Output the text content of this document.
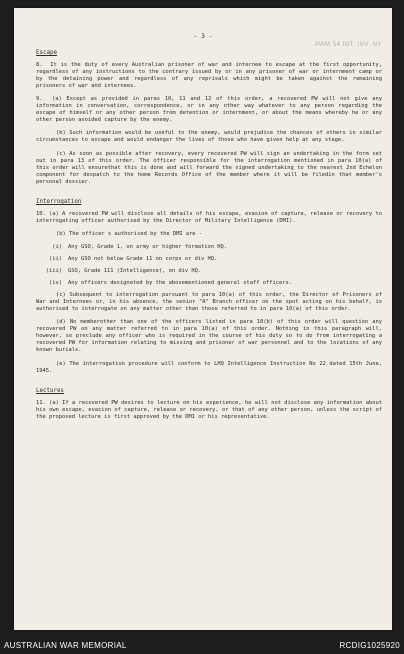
- 3 -
AWM 54 INT. INV. NY
Escape

8.  It is the duty of every Australian prisoner of war and internee to escape at the first opportunity, regardless of any instructions to the contrary issued by or in any prisoner of war or internment camp or by the detaining power and regardless of any reprisals which might be taken against the remaining prisoners of war and internees.

9.  (a) Except as provided in paras 10, 11 and 12 of this order, a recovered PW will not give any information in conversation, correspondence, or in any other way whatever to any person regarding the escape of himself or any other person from detention or internment, or about the means whereby he or any other person avoided capture by the enemy.

(b) Such information would be useful to the enemy, would prejudice the chances of others in similar circumstances to escape and would endanger the lives of those who have given help at any stage.

(c) As soon as possible after recovery, every recovered PW will sign an undertaking in the form set out in para 13 of this order. The officer responsible for the interrogation mentioned in para 10(a) of this order will ensurethat this is done and will forward the signed undertaking to the nearest 2nd Echelon component for despatch to the home Records Office of the member where it will be filedin that member's personal dossier.

Interrogation

10. (a) A recovered PW will disclose all details of his escape, evasion of capture, release or recovery to interrogating officer authorised by the Director of Military Intelligence (DMI).

(b) The officer s authorised by the DMI are -

(i)	Any GSO, Grade 1, on army or higher formation HQ.
(ii)	Any GSO not below Grade 11 on corps or div HQ.
(iii)	GSO, Grade 111 (Intelligence), on div HQ.
(iv)	Any officers designated by the abovementioned general staff officers.

(c) Subsequent to interrogation pursuant to para 10(a) of this order, the Director of Prisoners of War and Internees or, in his absence, the senior "A" Branch officer on the spot acting on his behalf, is authorised to interrogate on any matter other than those referred to in para 10(a) of this order.

(d) No memberother than one of the officers listed in para 10(b) of this order will question any recovered PW on any matter referred to in para 10(a) of this order. Nothing in this paragraph will, however, so preclude any officer who is required in the course of his duty so to do from interrogating a recovered PW for information relating to missing and prisoner of war personnel and to the locations of any known burials.

(e) The interrogation procedure will conform to LHQ Intelligence Instruction No 22 dated 15th June, 1945.

Lectures

11. (a) If a recovered PW desires to lecture on his experience, he will not disclose any information about his own escape, evasion of capture, release or recovery, or that of any other person, unless the script of the proposed lecture is first approved by the DMI or his representative.

AUSTRALIAN WAR MEMORIAL	RCDIG1025920
